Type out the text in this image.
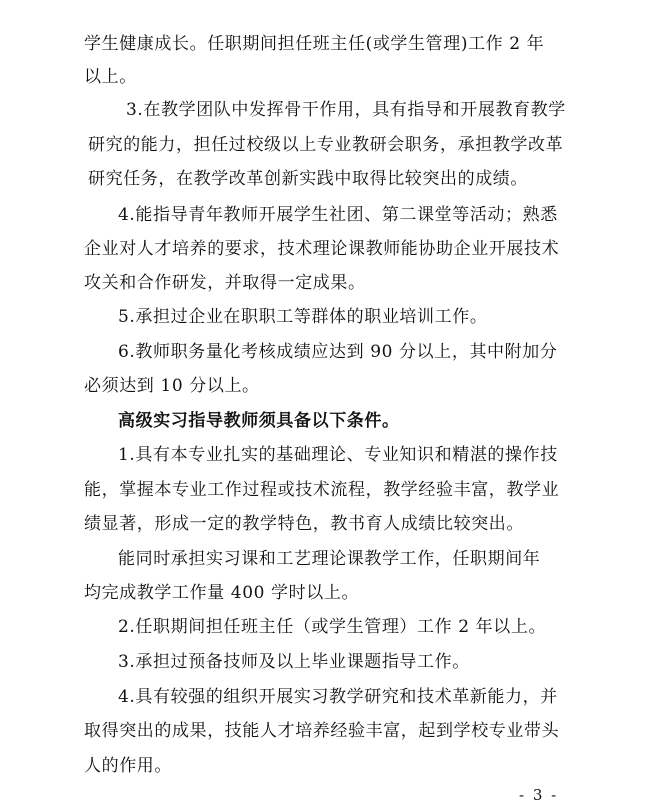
学生健康成长。任职期间担任班主任(或学生管理)工作 2 年
以上。
3.在教学团队中发挥骨干作用，具有指导和开展教育教学
研究的能力，担任过校级以上专业教研会职务，承担教学改革
研究任务，在教学改革创新实践中取得比较突出的成绩。
4.能指导青年教师开展学生社团、第二课堂等活动；熟悉
企业对人才培养的要求，技术理论课教师能协助企业开展技术
攻关和合作研发，并取得一定成果。
5.承担过企业在职职工等群体的职业培训工作。
6.教师职务量化考核成绩应达到 90 分以上，其中附加分
必须达到 10 分以上。
高级实习指导教师须具备以下条件。
1.具有本专业扎实的基础理论、专业知识和精湛的操作技
能，掌握本专业工作过程或技术流程，教学经验丰富，教学业
绩显著，形成一定的教学特色，教书育人成绩比较突出。
能同时承担实习课和工艺理论课教学工作，任职期间年
均完成教学工作量 400 学时以上。
2.任职期间担任班主任（或学生管理）工作 2 年以上。
3.承担过预备技师及以上毕业课题指导工作。
4.具有较强的组织开展实习教学研究和技术革新能力，并
取得突出的成果，技能人才培养经验丰富，起到学校专业带头
人的作用。
- 3 -
